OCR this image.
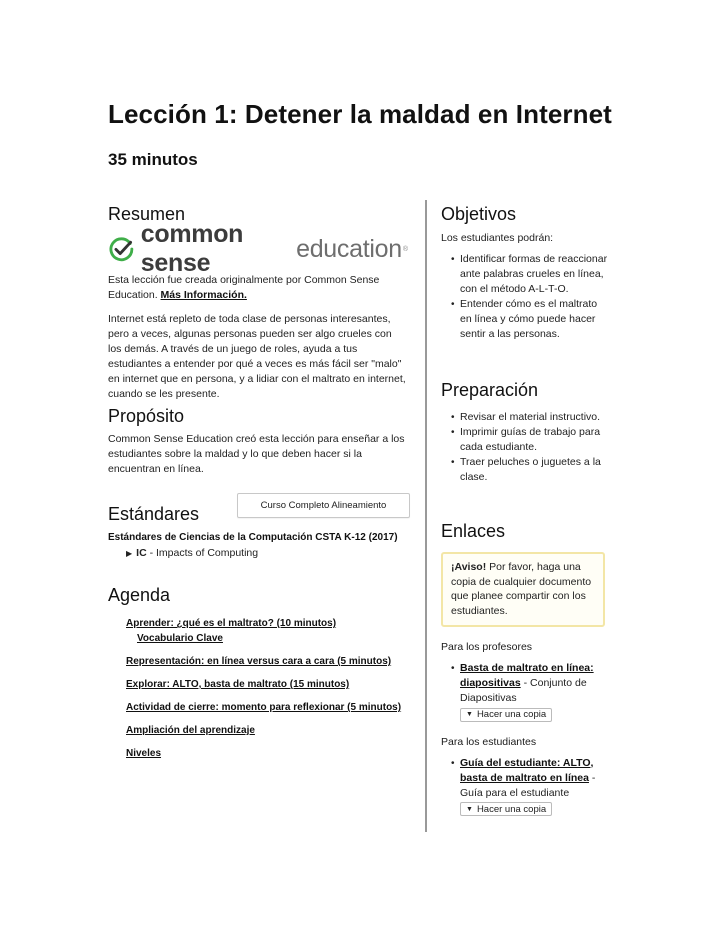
Lección 1: Detener la maldad en Internet
35 minutos
Resumen
common sense
education ®

Esta lección fue creada originalmente por Common Sense Education. Más Información.

Internet está repleto de toda clase de personas interesantes, pero a veces, algunas personas pueden ser algo crueles con los demás. A través de un juego de roles, ayuda a tus estudiantes a entender por qué a veces es más fácil ser "malo" en internet que en persona, y a lidiar con el maltrato en internet, cuando se les presente.

Propósito

Common Sense Education creó esta lección para enseñar a los estudiantes sobre la maldad y lo que deben hacer si la encuentran en línea.

Curso Completo Alineamiento
Estándares
Estándares de Ciencias de la Computación CSTA K-12 (2017)
▶ IC - Impacts of Computing
Agenda
Aprender: ¿qué es el maltrato? (10 minutos)
Vocabulario Clave
Representación: en línea versus cara a cara (5 minutos)
Explorar: ALTO, basta de maltrato (15 minutos)
Actividad de cierre: momento para reflexionar (5 minutos)
Ampliación del aprendizaje
Niveles
Objetivos

Los estudiantes podrán:

• Identificar formas de reaccionar ante palabras crueles en línea, con el método A-L-T-O.
• Entender cómo es el maltrato en línea y cómo puede hacer sentir a las personas.
Preparación
• Revisar el material instructivo.
• Imprimir guías de trabajo para cada estudiante.
• Traer peluches o juguetes a la clase.
Enlaces
¡Aviso! Por favor, haga una copia de cualquier documento que planee compartir con los estudiantes.
Para los profesores
• Basta de maltrato en línea: diapositivas - Conjunto de Diapositivas

▼ Hacer una copia
Para los estudiantes
• Guía del estudiante: ALTO, basta de maltrato en línea - Guía para el estudiante

▼ Hacer una copia
